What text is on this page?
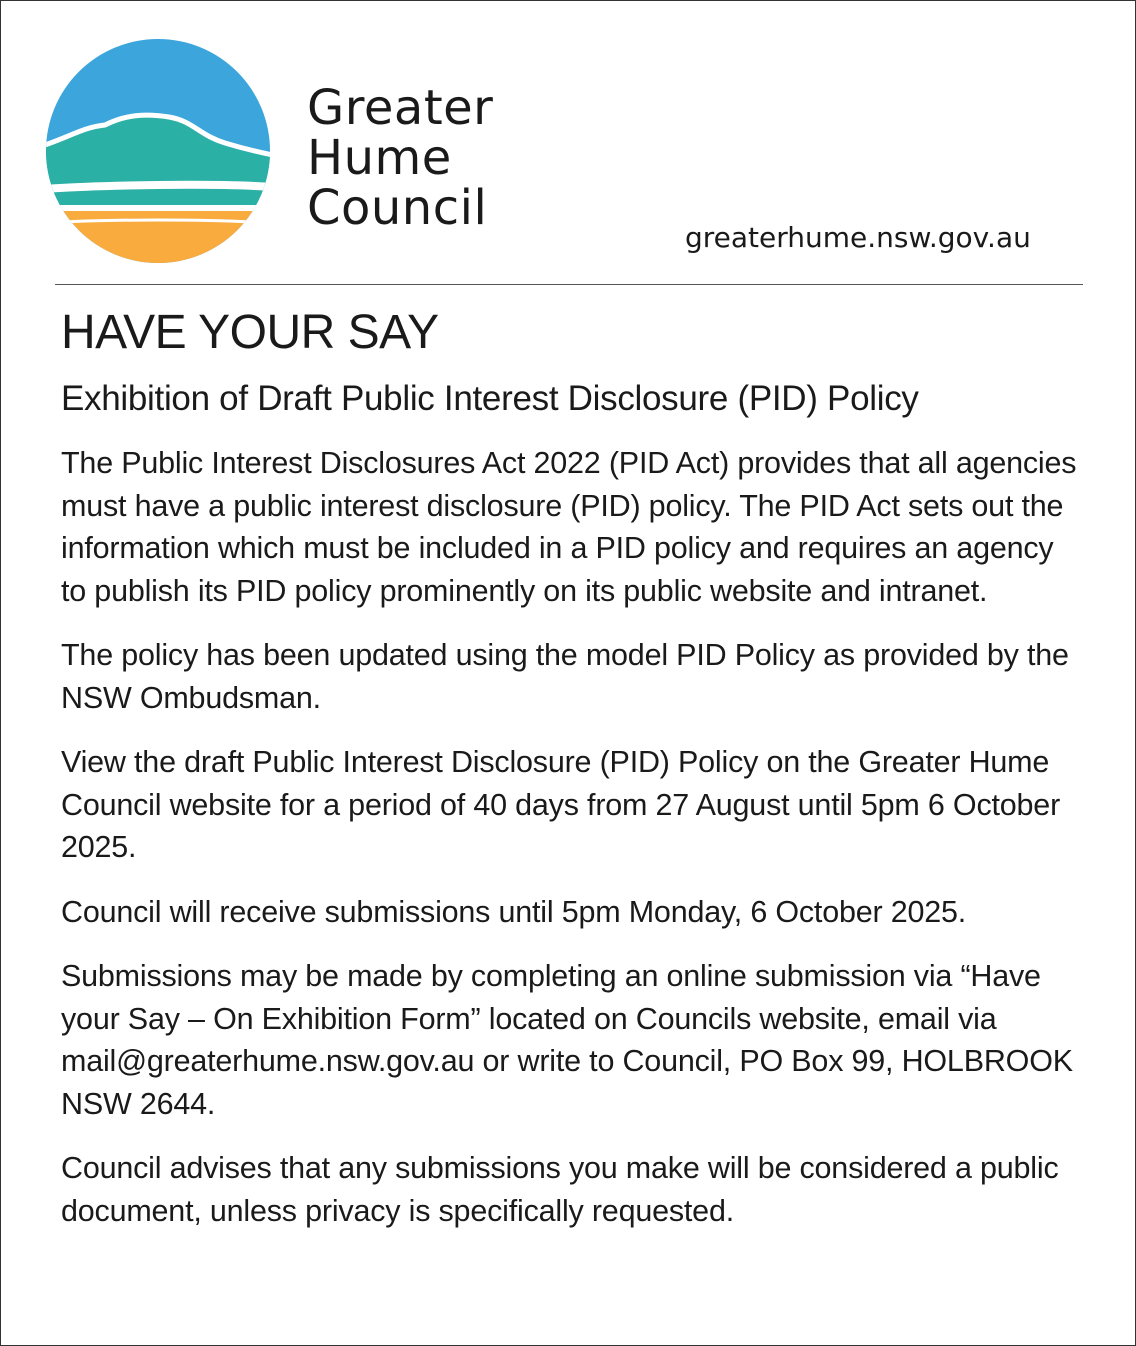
Greater
Hume
Council
greaterhume.nsw.gov.au
HAVE YOUR SAY
Exhibition of Draft Public Interest Disclosure (PID) Policy

The Public Interest Disclosures Act 2022 (PID Act) provides that all agencies must have a public interest disclosure (PID) policy. The PID Act sets out the information which must be included in a PID policy and requires an agency to publish its PID policy prominently on its public website and intranet.

The policy has been updated using the model PID Policy as provided by the NSW Ombudsman.

View the draft Public Interest Disclosure (PID) Policy on the Greater Hume Council website for a period of 40 days from 27 August until 5pm 6 October 2025.

Council will receive submissions until 5pm Monday, 6 October 2025.

Submissions may be made by completing an online submission via “Have your Say – On Exhibition Form” located on Councils website, email via mail@greaterhume.nsw.gov.au or write to Council, PO Box 99, HOLBROOK NSW 2644.

Council advises that any submissions you make will be considered a public document, unless privacy is specifically requested.
